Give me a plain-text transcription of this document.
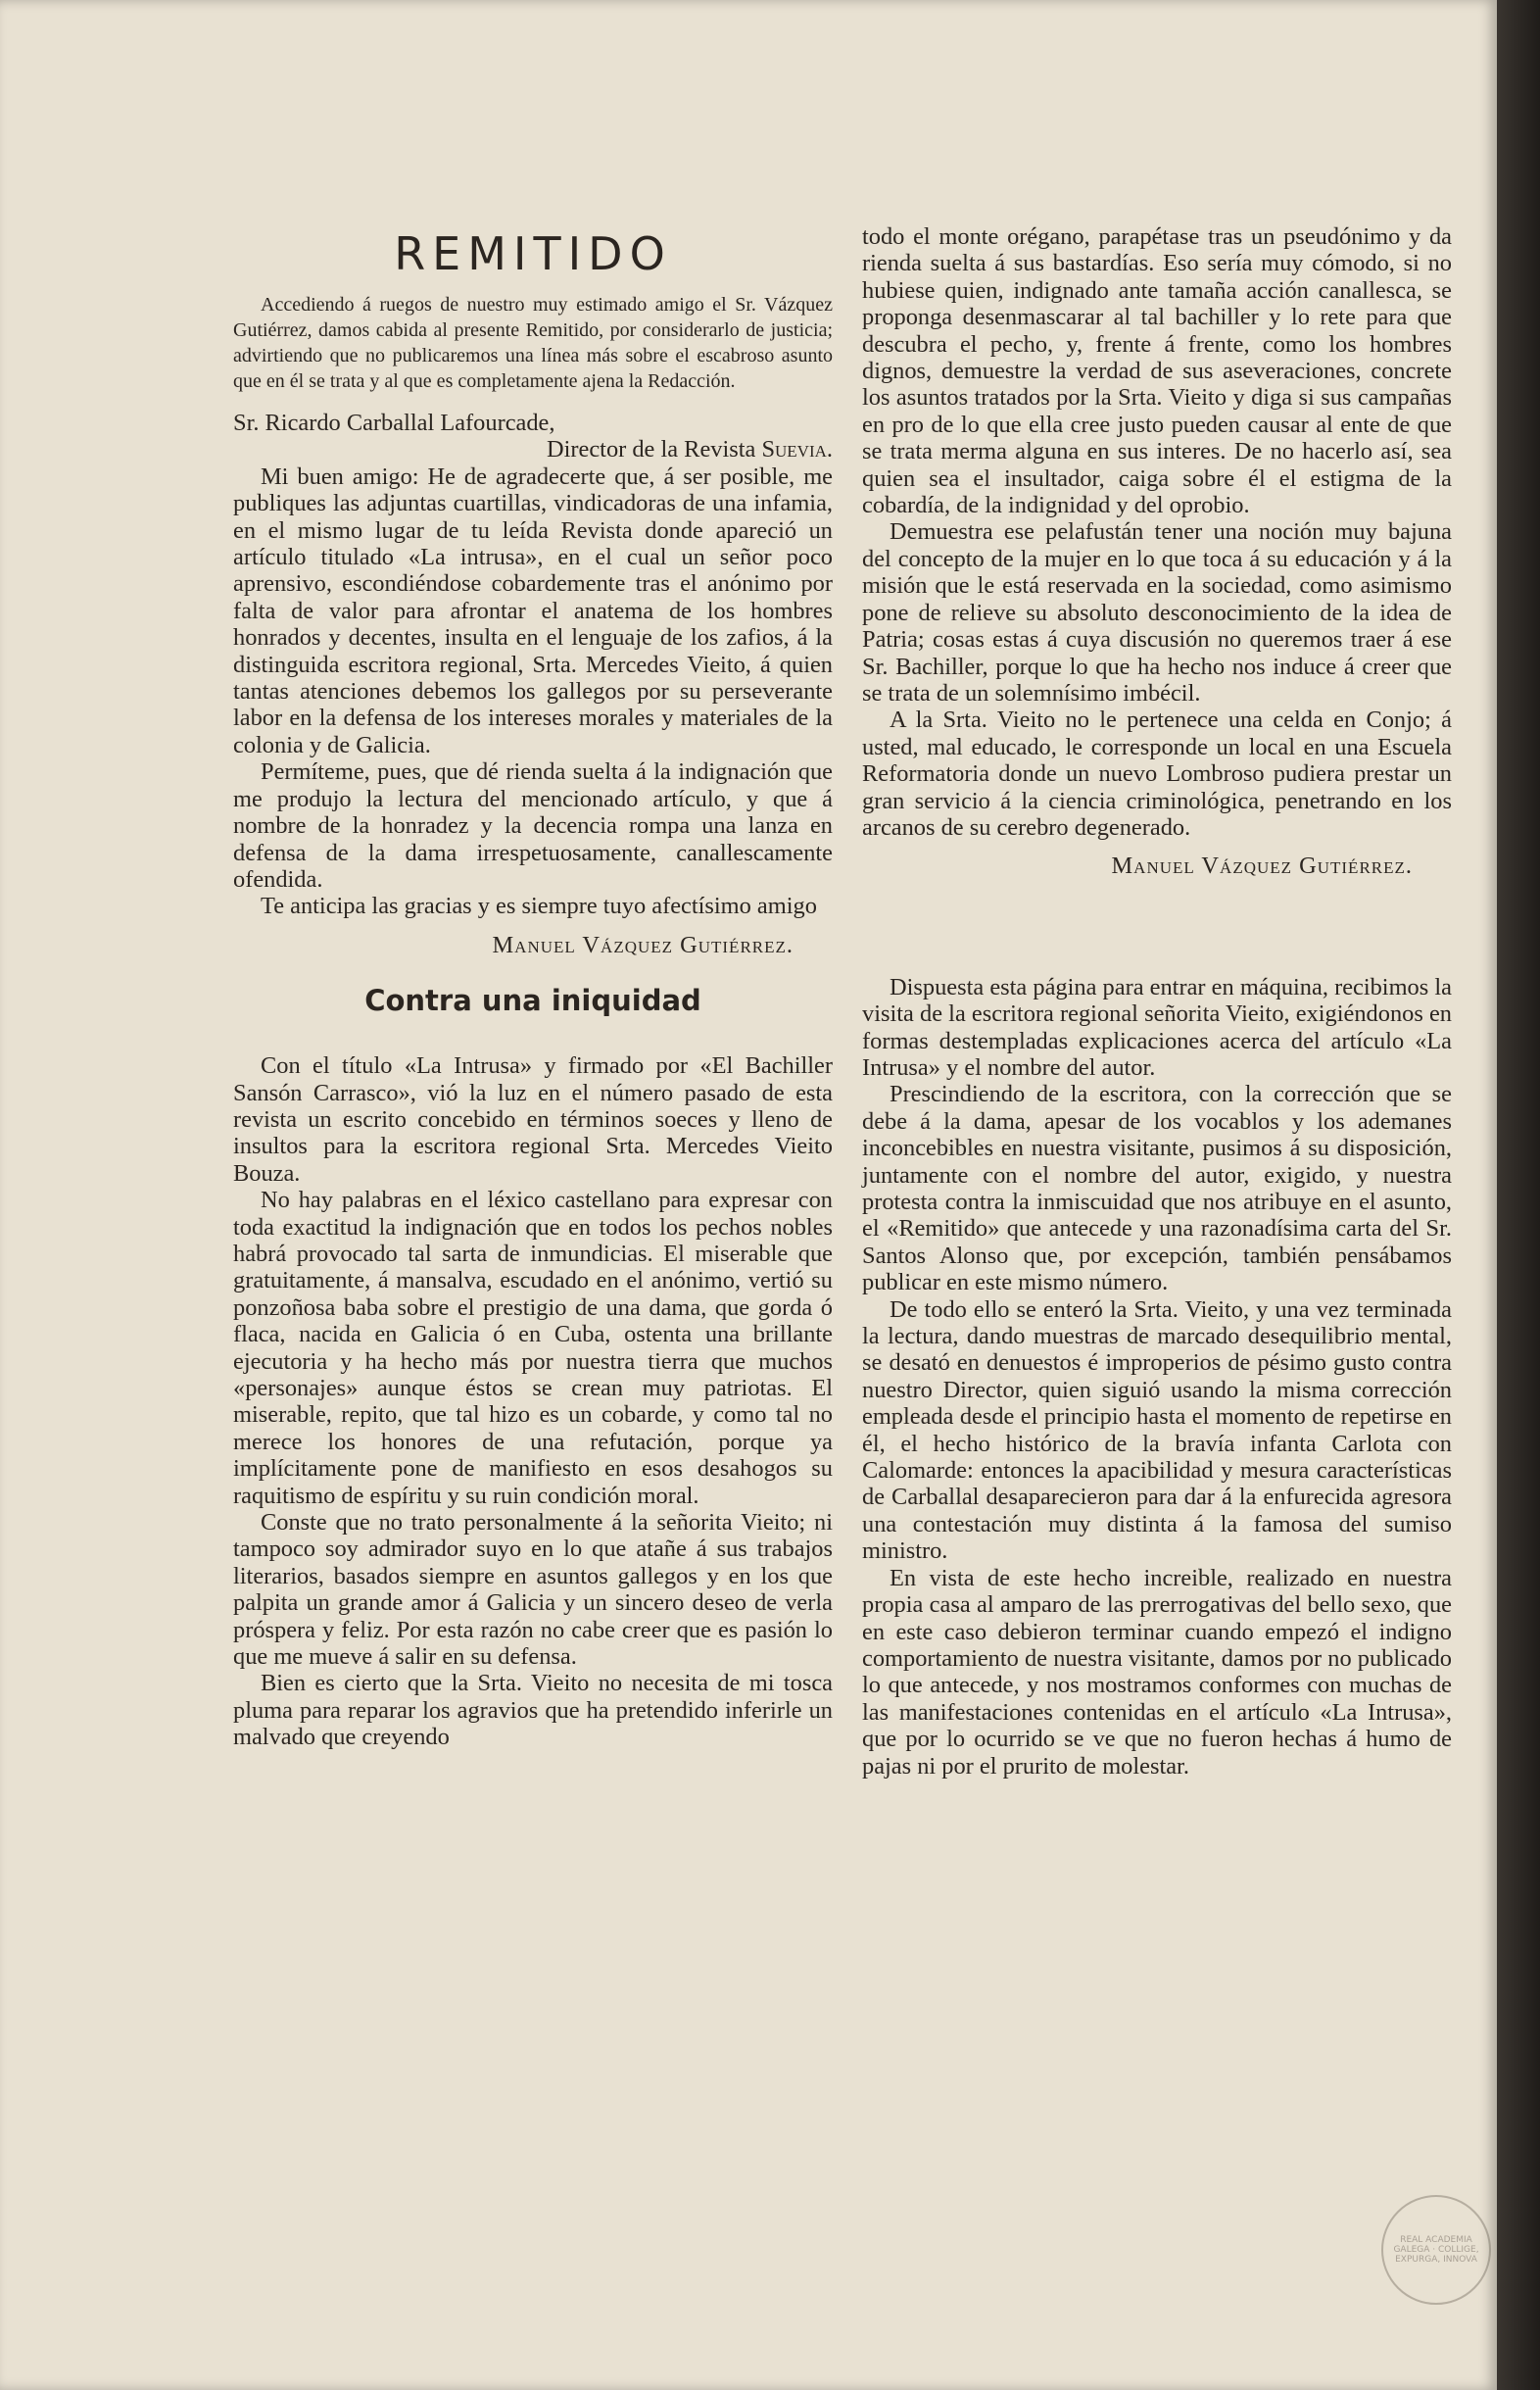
REMITIDO

Accediendo á ruegos de nuestro muy estimado amigo el Sr. Vázquez Gutiérrez, damos cabida al presente Remitido, por considerarlo de justicia; advirtiendo que no publicaremos una línea más sobre el escabroso asunto que en él se trata y al que es completamente ajena la Redacción.

Sr. Ricardo Carballal Lafourcade,

Director de la Revista Suevia.

Mi buen amigo: He de agradecerte que, á ser posible, me publiques las adjuntas cuartillas, vindicadoras de una infamia, en el mismo lugar de tu leída Revista donde apareció un artículo titulado «La intrusa», en el cual un señor poco aprensivo, escondiéndose cobardemente tras el anónimo por falta de valor para afrontar el anatema de los hombres honrados y decentes, insulta en el lenguaje de los zafios, á la distinguida escritora regional, Srta. Mercedes Vieito, á quien tantas atenciones debemos los gallegos por su perseverante labor en la defensa de los intereses morales y materiales de la colonia y de Galicia.

Permíteme, pues, que dé rienda suelta á la indignación que me produjo la lectura del mencionado artículo, y que á nombre de la honradez y la decencia rompa una lanza en defensa de la dama irrespetuosamente, canallescamente ofendida.

Te anticipa las gracias y es siempre tuyo afectísimo amigo

Manuel Vázquez Gutiérrez.

Contra una iniquidad

Con el título «La Intrusa» y firmado por «El Bachiller Sansón Carrasco», vió la luz en el número pasado de esta revista un escrito concebido en términos soeces y lleno de insultos para la escritora regional Srta. Mercedes Vieito Bouza.

No hay palabras en el léxico castellano para expresar con toda exactitud la indignación que en todos los pechos nobles habrá provocado tal sarta de inmundicias. El miserable que gratuitamente, á mansalva, escudado en el anónimo, vertió su ponzoñosa baba sobre el prestigio de una dama, que gorda ó flaca, nacida en Galicia ó en Cuba, ostenta una brillante ejecutoria y ha hecho más por nuestra tierra que muchos «personajes» aunque éstos se crean muy patriotas. El miserable, repito, que tal hizo es un cobarde, y como tal no merece los honores de una refutación, porque ya implícitamente pone de manifiesto en esos desahogos su raquitismo de espíritu y su ruin condición moral.

Conste que no trato personalmente á la señorita Vieito; ni tampoco soy admirador suyo en lo que atañe á sus trabajos literarios, basados siempre en asuntos gallegos y en los que palpita un grande amor á Galicia y un sincero deseo de verla próspera y feliz. Por esta razón no cabe creer que es pasión lo que me mueve á salir en su defensa.

Bien es cierto que la Srta. Vieito no necesita de mi tosca pluma para reparar los agravios que ha pretendido inferirle un malvado que creyendo

todo el monte orégano, parapétase tras un pseudónimo y da rienda suelta á sus bastardías. Eso sería muy cómodo, si no hubiese quien, indignado ante tamaña acción canallesca, se proponga desenmascarar al tal bachiller y lo rete para que descubra el pecho, y, frente á frente, como los hombres dignos, demuestre la verdad de sus aseveraciones, concrete los asuntos tratados por la Srta. Vieito y diga si sus campañas en pro de lo que ella cree justo pueden causar al ente de que se trata merma alguna en sus interes. De no hacerlo así, sea quien sea el insultador, caiga sobre él el estigma de la cobardía, de la indignidad y del oprobio.

Demuestra ese pelafustán tener una noción muy bajuna del concepto de la mujer en lo que toca á su educación y á la misión que le está reservada en la sociedad, como asimismo pone de relieve su absoluto desconocimiento de la idea de Patria; cosas estas á cuya discusión no queremos traer á ese Sr. Bachiller, porque lo que ha hecho nos induce á creer que se trata de un solemnísimo imbécil.

A la Srta. Vieito no le pertenece una celda en Conjo; á usted, mal educado, le corresponde un local en una Escuela Reformatoria donde un nuevo Lombroso pudiera prestar un gran servicio á la ciencia criminológica, penetrando en los arcanos de su cerebro degenerado.

Manuel Vázquez Gutiérrez.

Dispuesta esta página para entrar en máquina, recibimos la visita de la escritora regional señorita Vieito, exigiéndonos en formas destempladas explicaciones acerca del artículo «La Intrusa» y el nombre del autor.

Prescindiendo de la escritora, con la corrección que se debe á la dama, apesar de los vocablos y los ademanes inconcebibles en nuestra visitante, pusimos á su disposición, juntamente con el nombre del autor, exigido, y nuestra protesta contra la inmiscuidad que nos atribuye en el asunto, el «Remitido» que antecede y una razonadísima carta del Sr. Santos Alonso que, por excepción, también pensábamos publicar en este mismo número.

De todo ello se enteró la Srta. Vieito, y una vez terminada la lectura, dando muestras de marcado desequilibrio mental, se desató en denuestos é improperios de pésimo gusto contra nuestro Director, quien siguió usando la misma corrección empleada desde el principio hasta el momento de repetirse en él, el hecho histórico de la bravía infanta Carlota con Calomarde: entonces la apacibilidad y mesura características de Carballal desaparecieron para dar á la enfurecida agresora una contestación muy distinta á la famosa del sumiso ministro.

En vista de este hecho increible, realizado en nuestra propia casa al amparo de las prerrogativas del bello sexo, que en este caso debieron terminar cuando empezó el indigno comportamiento de nuestra visitante, damos por no publicado lo que antecede, y nos mostramos conformes con muchas de las manifestaciones contenidas en el artículo «La Intrusa», que por lo ocurrido se ve que no fueron hechas á humo de pajas ni por el prurito de molestar.

REAL ACADEMIA GALEGA · COLLIGE, EXPURGA, INNOVA
